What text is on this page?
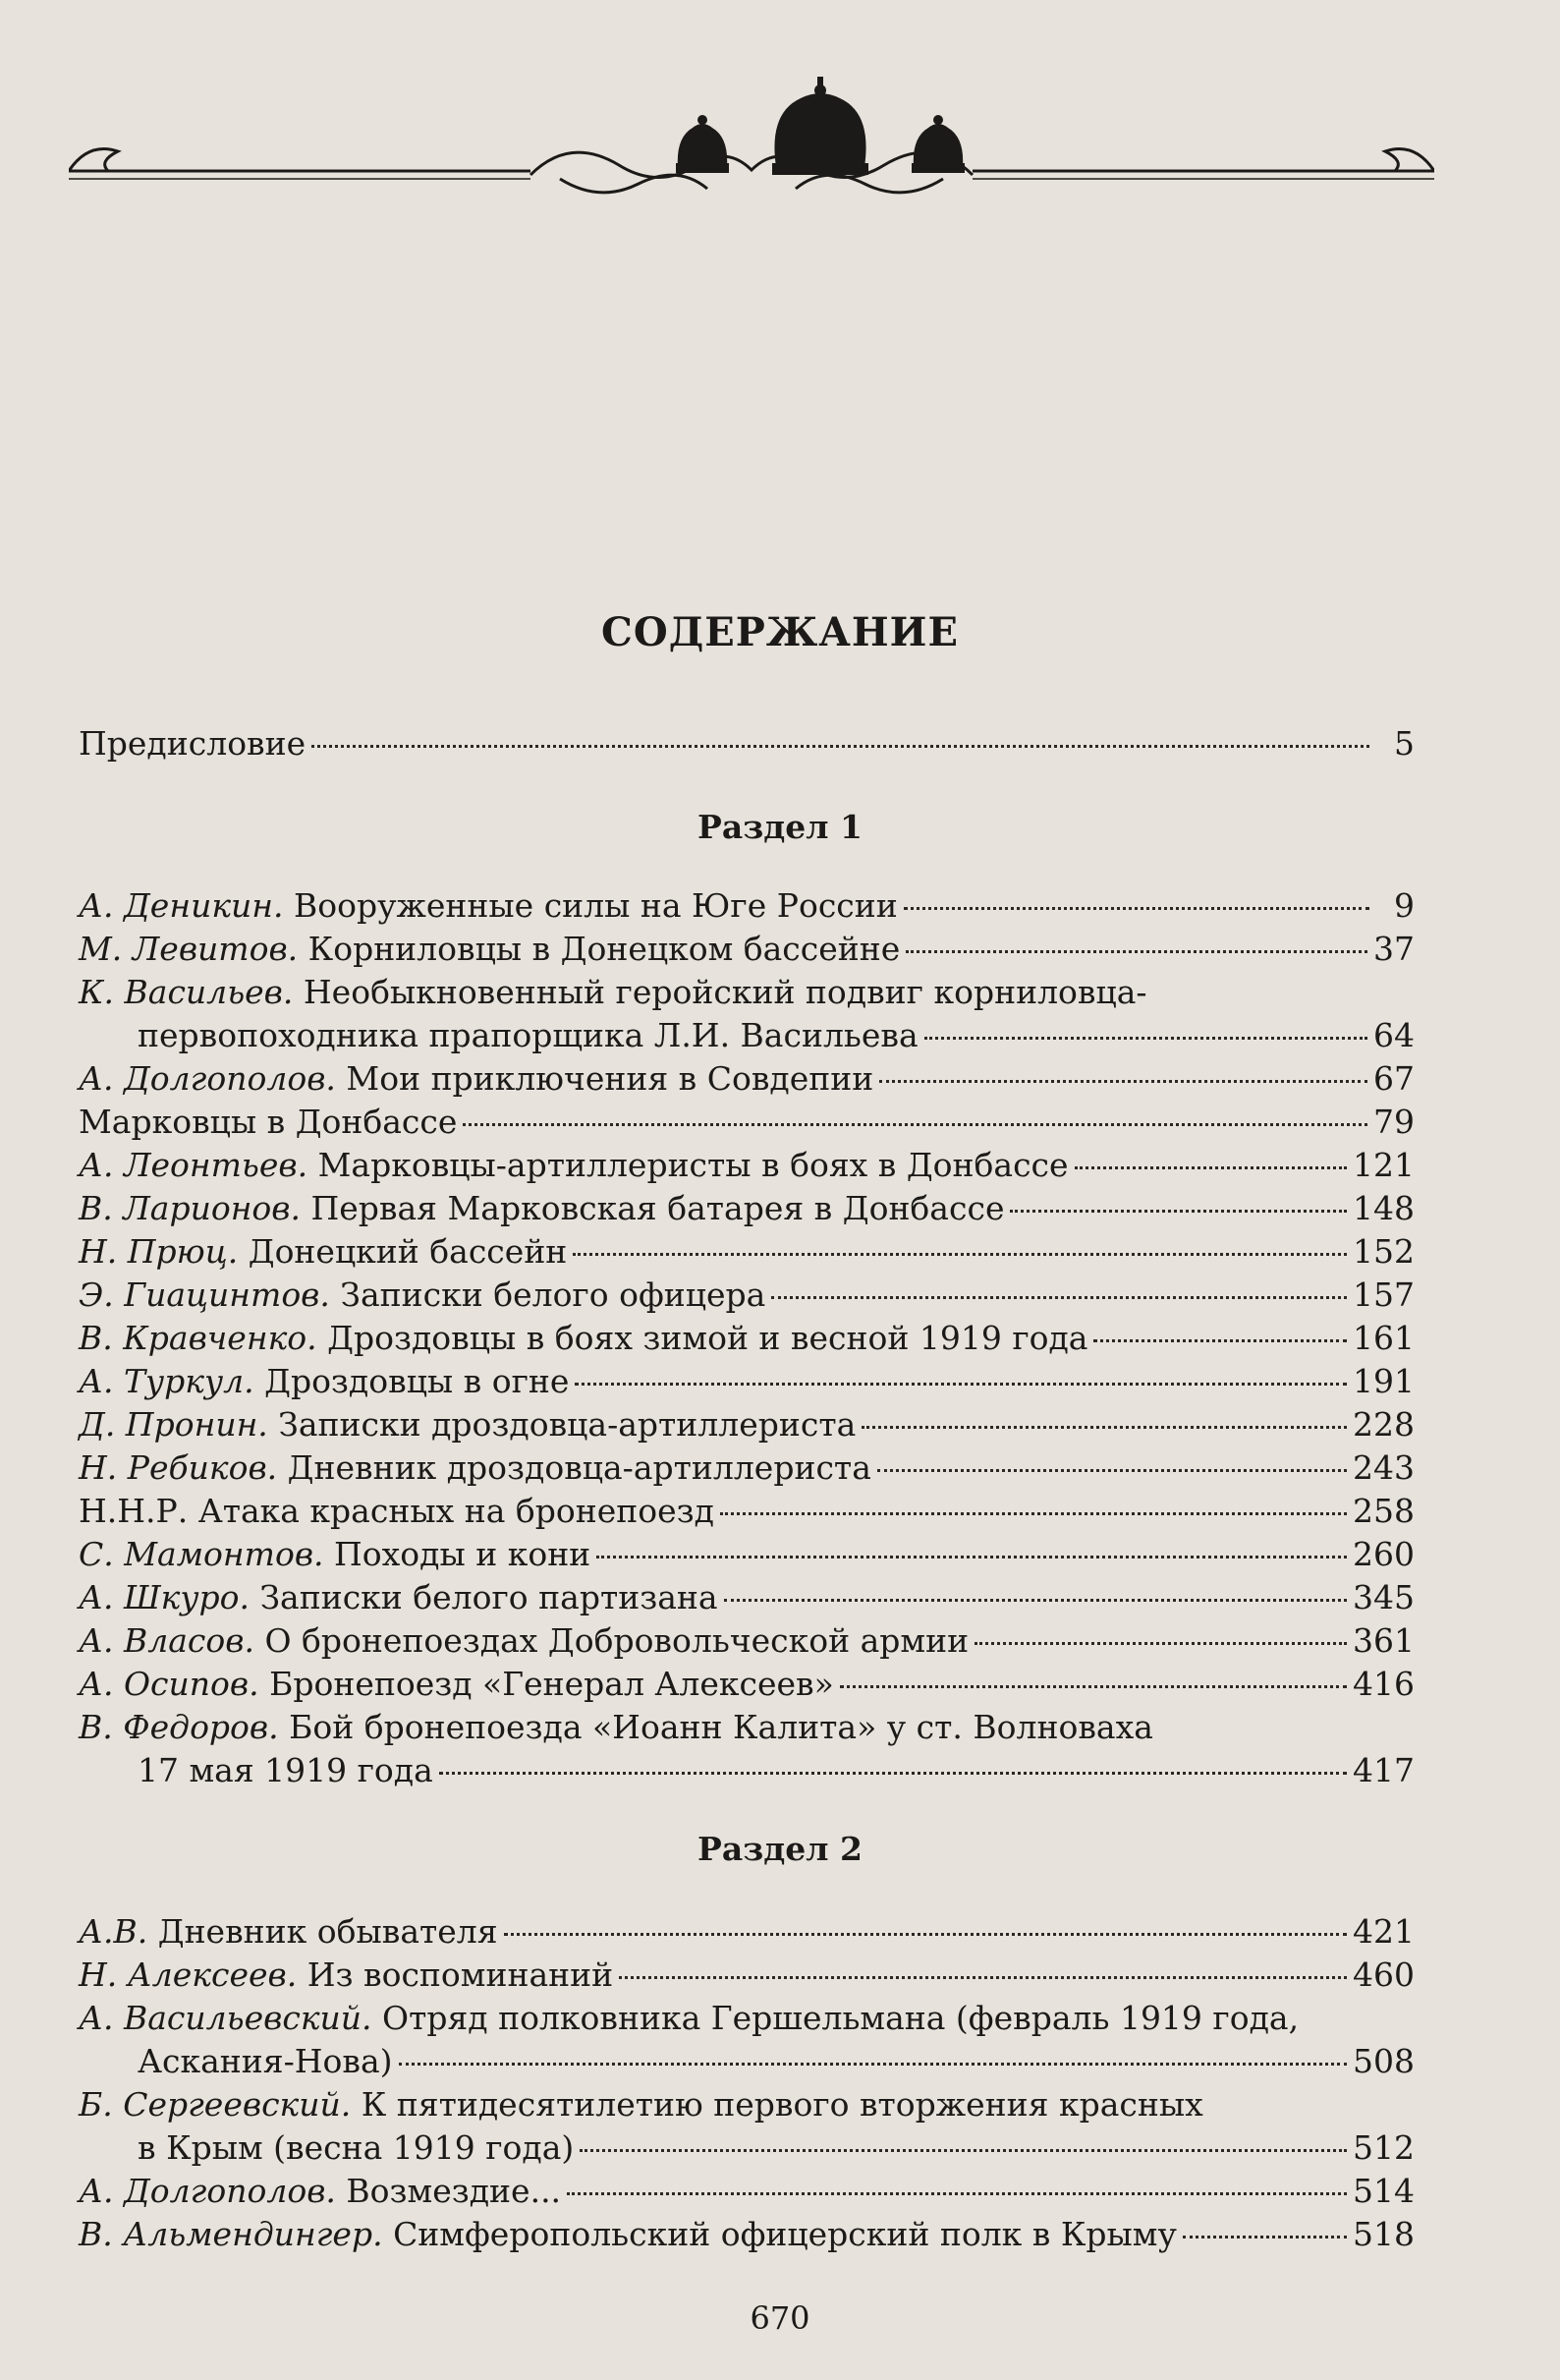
СОДЕРЖАНИЕ
Предисловие	5
Раздел 1
А. Деникин.
Вооруженные силы на Юге России	9
М. Левитов.
Корниловцы в Донецком бассейне	37
К. Васильев.
Необыкновенный геройский подвиг корниловца-
первопоходника прапорщика Л.И. Васильева	64
А. Долгополов.
Мои приключения в Совдепии	67
Марковцы в Донбассе	79
А. Леонтьев.
Марковцы-артиллеристы в боях в Донбассе	121
В. Ларионов.
Первая Марковская батарея в Донбассе	148
Н. Прюц.
Донецкий бассейн	152
Э. Гиацинтов.
Записки белого офицера	157
В. Кравченко.
Дроздовцы в боях зимой и весной 1919 года	161
А. Туркул.
Дроздовцы в огне	191
Д. Пронин.
Записки дроздовца-артиллериста	228
Н. Ребиков.
Дневник дроздовца-артиллериста	243
Н.Н.Р. Атака красных на бронепоезд	258
С. Мамонтов.
Походы и кони	260
А. Шкуро.
Записки белого партизана	345
А. Власов.
О бронепоездах Добровольческой армии	361
А. Осипов.
Бронепоезд «Генерал Алексеев»	416
В. Федоров.
Бой бронепоезда «Иоанн Калита» у ст. Волноваха
17 мая 1919 года	417
Раздел 2
А.В.
Дневник обывателя	421
Н. Алексеев.
Из воспоминаний	460
А. Васильевский.
Отряд полковника Гершельмана (февраль 1919 года,
Аскания-Нова)	508
Б. Сергеевский.
К пятидесятилетию первого вторжения красных
в Крым (весна 1919 года)	512
А. Долгополов.
Возмездие...	514
В. Альмендингер.
Симферопольский офицерский полк в Крыму	518
670
